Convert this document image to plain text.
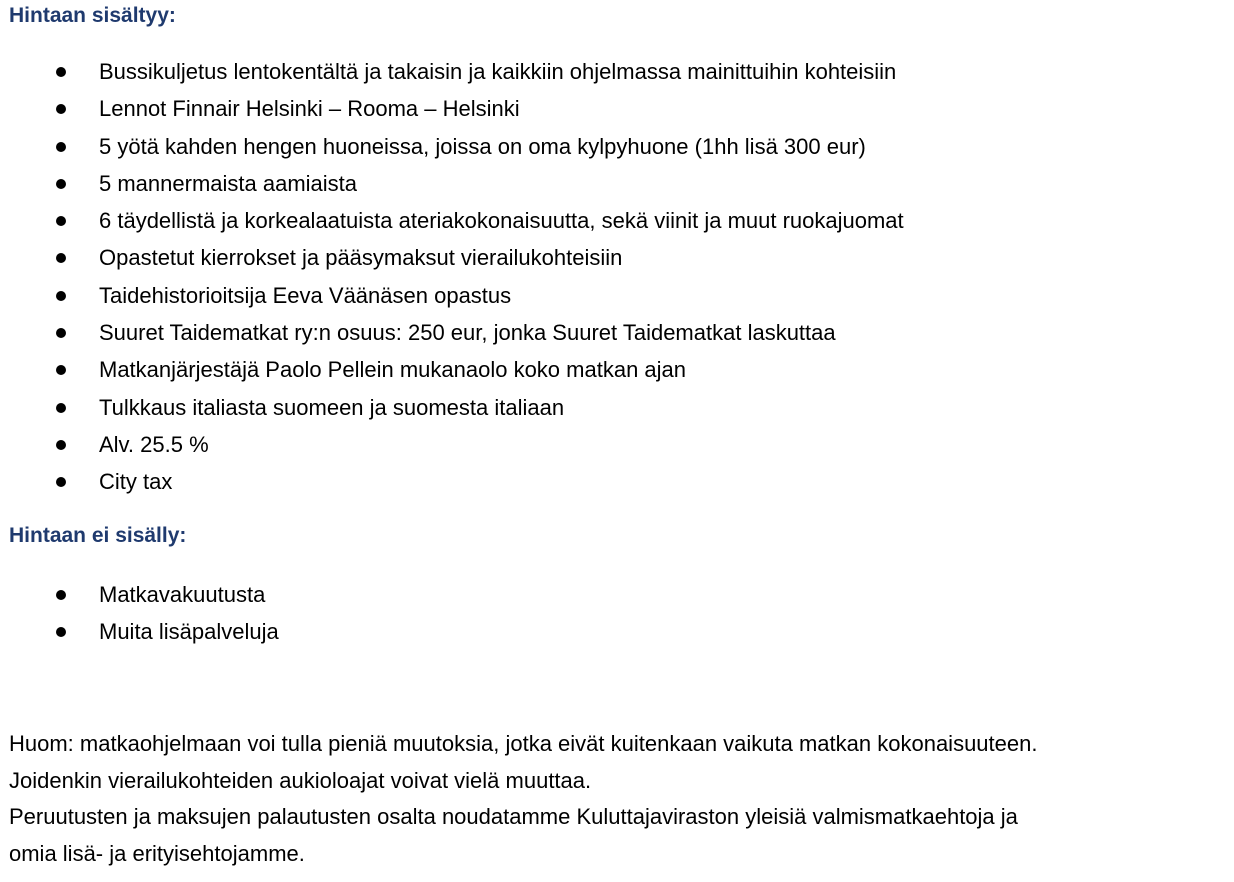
Hintaan sisältyy:
Bussikuljetus lentokentältä ja takaisin ja kaikkiin ohjelmassa mainittuihin kohteisiin
Lennot Finnair Helsinki – Rooma – Helsinki
5 yötä kahden hengen huoneissa, joissa on oma kylpyhuone (1hh lisä 300 eur)
5 mannermaista aamiaista
6 täydellistä ja korkealaatuista ateriakokonaisuutta, sekä viinit ja muut ruokajuomat
Opastetut kierrokset ja pääsymaksut vierailukohteisiin
Taidehistorioitsija Eeva Väänäsen opastus
Suuret Taidematkat ry:n osuus: 250 eur, jonka Suuret Taidematkat laskuttaa
Matkanjärjestäjä Paolo Pellein mukanaolo koko matkan ajan
Tulkkaus italiasta suomeen ja suomesta italiaan
Alv. 25.5 %
City tax
Hintaan ei sisälly:
Matkavakuutusta
Muita lisäpalveluja

Huom: matkaohjelmaan voi tulla pieniä muutoksia, jotka eivät kuitenkaan vaikuta matkan kokonaisuuteen.
Joidenkin vierailukohteiden aukioloajat voivat vielä muuttaa.
Peruutusten ja maksujen palautusten osalta noudatamme Kuluttajaviraston yleisiä valmismatkaehtoja ja
omia lisä- ja erityisehtojamme.
